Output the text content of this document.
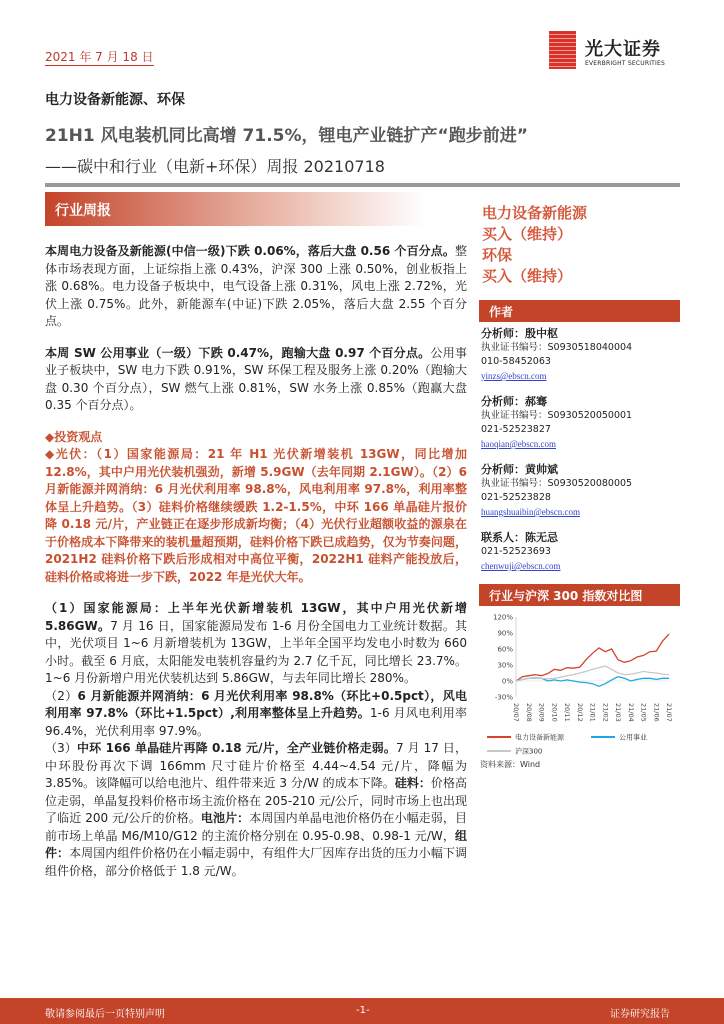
2021 年 7 月 18 日	光大证券
EVERBRIGHT SECURITIES
电力设备新能源、环保
21H1 风电装机同比高增 71.5%，锂电产业链扩产“跑步前进”
——碳中和行业（电新+环保）周报 20210718
行业周报
本周电力设备及新能源(中信一级)下跌 0.06%，落后大盘 0.56 个百分点。整体市场表现方面，上证综指上涨 0.43%，沪深 300 上涨 0.50%，创业板指上涨 0.68%。电力设备子板块中，电气设备上涨 0.31%，风电上涨 2.72%，光伏上涨 0.75%。此外，新能源车(中证)下跌 2.05%，落后大盘 2.55 个百分点。
本周 SW 公用事业（一级）下跌 0.47%，跑输大盘 0.97 个百分点。公用事业子板块中，SW 电力下跌 0.91%，SW 环保工程及服务上涨 0.20%（跑输大盘 0.30 个百分点），SW 燃气上涨 0.81%，SW 水务上涨 0.85%（跑赢大盘 0.35 个百分点）。
◆投资观点
◆光伏：（1）国家能源局：21 年 H1 光伏新增装机 13GW，同比增加 12.8%，其中户用光伏装机强劲，新增 5.9GW（去年同期 2.1GW）。（2）6 月新能源并网消纳：6 月光伏利用率 98.8%，风电利用率 97.8%，利用率整体呈上升趋势。（3）硅料价格继续缓跌 1.2-1.5%，中环 166 单晶硅片报价降 0.18 元/片，产业链正在逐步形成新均衡；（4）光伏行业超额收益的源泉在于价格成本下降带来的装机量超预期，硅料价格下跌已成趋势，仅为节奏问题，2021H2 硅料价格下跌后形成相对中高位平衡，2022H1 硅料产能投放后，硅料价格或将进一步下跌，2022 年是光伏大年。
（1）国家能源局：上半年光伏新增装机 13GW，其中户用光伏新增 5.86GW。7 月 16 日，国家能源局发布 1-6 月份全国电力工业统计数据。其中，光伏项目 1~6 月新增装机为 13GW，上半年全国平均发电小时数为 660 小时。截至 6 月底，太阳能发电装机容量约为 2.7 亿千瓦，同比增长 23.7%。1~6 月份新增户用光伏装机达到 5.86GW，与去年同比增长 280%。
（2）6 月新能源并网消纳：6 月光伏利用率 98.8%（环比+0.5pct），风电利用率 97.8%（环比+1.5pct）,利用率整体呈上升趋势。1-6 月风电利用率 96.4%，光伏利用率 97.9%。
（3）中环 166 单晶硅片再降 0.18 元/片，全产业链价格走弱。7 月 17 日，中环股份再次下调 166mm 尺寸硅片价格至 4.44~4.54 元/片，降幅为 3.85%。该降幅可以给电池片、组件带来近 3 分/W 的成本下降。硅料：价格高位走弱，单晶复投料价格市场主流价格在 205-210 元/公斤，同时市场上也出现了临近 200 元/公斤的价格。电池片：本周国内单晶电池价格仍在小幅走弱，目前市场上单晶 M6/M10/G12 的主流价格分别在 0.95-0.98、0.98-1 元/W，组件：本周国内组件价格仍在小幅走弱中，有组件大厂因库存出货的压力小幅下调组件价格，部分价格低于 1.8 元/W。
电力设备新能源
买入（维持）
环保
买入（维持）
作者
分析师：殷中枢
执业证书编号：S0930518040004
010-58452063
yinzs@ebscn.com
分析师：郝骞
执业证书编号：S0930520050001
021-52523827
haoqian@ebscn.com
分析师：黄帅斌
执业证书编号：S0930520080005
021-52523828
huangshuaibin@ebscn.com
联系人：陈无忌
021-52523693
chenwuji@ebscn.com
行业与沪深 300 指数对比图
120%
90%
60%
30%
0%
-30%
20/07 20/08 20/09 20/10 20/11 20/12 21/01 21/02 21/03 21/04 21/05 21/06 21/07
电力设备新能源	公用事业
沪深300
资料来源：Wind
敬请参阅最后一页特别声明	-1-	证券研究报告
